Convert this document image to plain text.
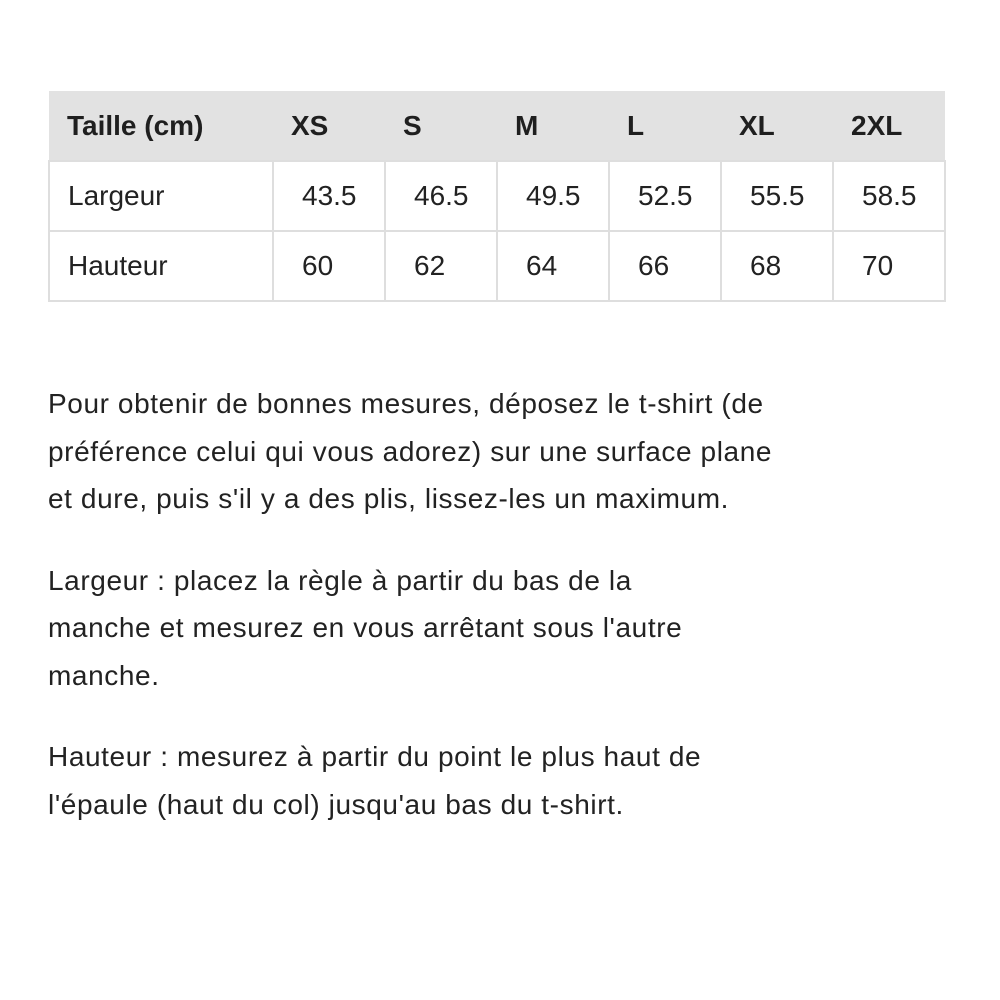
Taille (cm)	XS	S	M	L	XL	2XL
Largeur	43.5	46.5	49.5	52.5	55.5	58.5
Hauteur	60	62	64	66	68	70

Pour obtenir de bonnes mesures, déposez le t-shirt (de
préférence celui qui vous adorez) sur une surface plane
et dure, puis s'il y a des plis, lissez-les un maximum.

Largeur : placez la règle à partir du bas de la
manche et mesurez en vous arrêtant sous l'autre
manche.

Hauteur : mesurez à partir du point le plus haut de
l'épaule (haut du col) jusqu'au bas du t-shirt.
